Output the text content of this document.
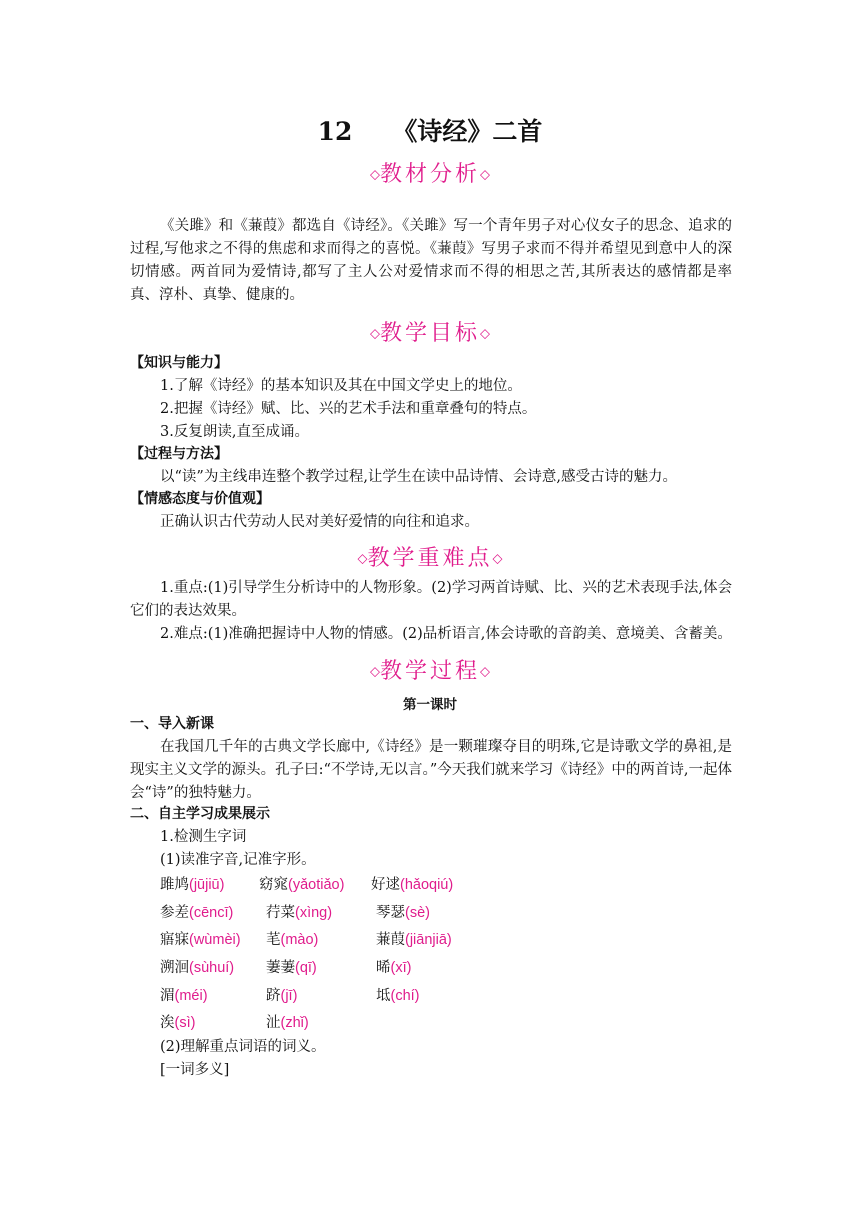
12 《诗经》二首
◇教材分析◇
《关雎》和《蒹葭》都选自《诗经》。《关雎》写一个青年男子对心仪女子的思念、追求的过程,写他求之不得的焦虑和求而得之的喜悦。《蒹葭》写男子求而不得并希望见到意中人的深切情感。两首同为爱情诗,都写了主人公对爱情求而不得的相思之苦,其所表达的感情都是率真、淳朴、真挚、健康的。
◇教学目标◇
【知识与能力】
1.了解《诗经》的基本知识及其在中国文学史上的地位。
2.把握《诗经》赋、比、兴的艺术手法和重章叠句的特点。
3.反复朗读,直至成诵。
【过程与方法】
以“读”为主线串连整个教学过程,让学生在读中品诗情、会诗意,感受古诗的魅力。
【情感态度与价值观】
正确认识古代劳动人民对美好爱情的向往和追求。
◇教学重难点◇
1.重点:(1)引导学生分析诗中的人物形象。(2)学习两首诗赋、比、兴的艺术表现手法,体会它们的表达效果。
2.难点:(1)准确把握诗中人物的情感。(2)品析语言,体会诗歌的音韵美、意境美、含蓄美。
◇教学过程◇
第一课时
一、导入新课
在我国几千年的古典文学长廊中,《诗经》是一颗璀璨夺目的明珠,它是诗歌文学的鼻祖,是现实主义文学的源头。孔子曰:“不学诗,无以言。”今天我们就来学习《诗经》中的两首诗,一起体会“诗”的独特魅力。
二、自主学习成果展示
1.检测生字词
(1)读准字音,记准字形。
雎鸠(jūjiū) 窈窕(yǎotiǎo) 好逑(hǎoqiú)
参差(cēncī) 荇菜(xìng)	琴瑟(sè)
寤寐(wùmèi) 芼(mào)	蒹葭(jiānjiā)
溯洄(sùhuí) 萋萋(qī)	晞(xī)
湄(méi)	跻(jī)	坻(chí)
涘(sì)	沚(zhǐ)
(2)理解重点词语的词义。
[一词多义]
